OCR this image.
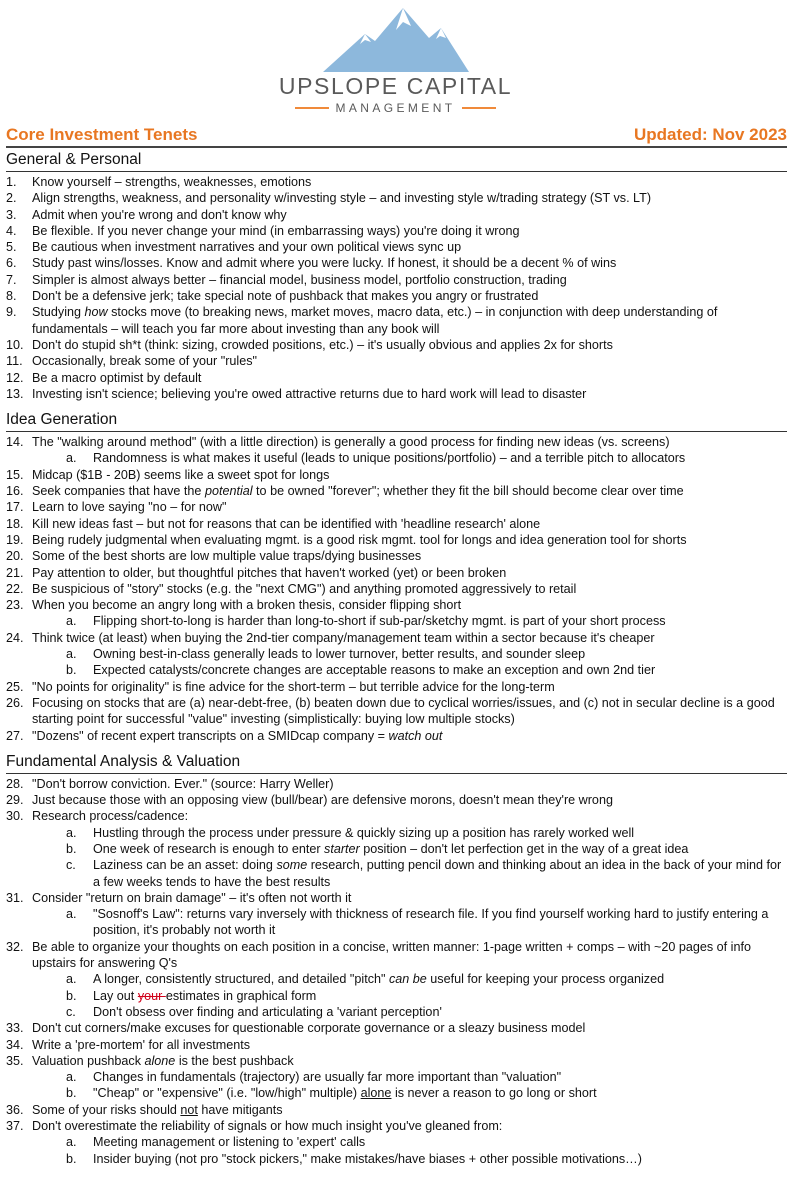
UPSLOPE CAPITAL
MANAGEMENT
Core Investment Tenets	Updated: Nov 2023
General & Personal
1.	Know yourself – strengths, weaknesses, emotions
2.	Align strengths, weakness, and personality w/investing style – and investing style w/trading strategy (ST vs. LT)
3.	Admit when you're wrong and don't know why
4.	Be flexible. If you never change your mind (in embarrassing ways) you're doing it wrong
5.	Be cautious when investment narratives and your own political views sync up
6.	Study past wins/losses. Know and admit where you were lucky. If honest, it should be a decent % of wins
7.	Simpler is almost always better – financial model, business model, portfolio construction, trading
8.	Don't be a defensive jerk; take special note of pushback that makes you angry or frustrated
9.	Studying how stocks move (to breaking news, market moves, macro data, etc.) – in conjunction with deep understanding of fundamentals – will teach you far more about investing than any book will
10. Don't do stupid sh*t (think: sizing, crowded positions, etc.) – it's usually obvious and applies 2x for shorts
11. Occasionally, break some of your "rules"
12. Be a macro optimist by default
13. Investing isn't science; believing you're owed attractive returns due to hard work will lead to disaster
Idea Generation
14. The "walking around method" (with a little direction) is generally a good process for finding new ideas (vs. screens)
a.	Randomness is what makes it useful (leads to unique positions/portfolio) – and a terrible pitch to allocators
15. Midcap ($1B - 20B) seems like a sweet spot for longs
16. Seek companies that have the potential to be owned "forever"; whether they fit the bill should become clear over time
17. Learn to love saying "no – for now"
18. Kill new ideas fast – but not for reasons that can be identified with 'headline research' alone
19. Being rudely judgmental when evaluating mgmt. is a good risk mgmt. tool for longs and idea generation tool for shorts
20. Some of the best shorts are low multiple value traps/dying businesses
21. Pay attention to older, but thoughtful pitches that haven't worked (yet) or been broken
22. Be suspicious of "story" stocks (e.g. the "next CMG") and anything promoted aggressively to retail
23. When you become an angry long with a broken thesis, consider flipping short
a.	Flipping short-to-long is harder than long-to-short if sub-par/sketchy mgmt. is part of your short process
24. Think twice (at least) when buying the 2nd-tier company/management team within a sector because it's cheaper
a.	Owning best-in-class generally leads to lower turnover, better results, and sounder sleep
b.	Expected catalysts/concrete changes are acceptable reasons to make an exception and own 2nd tier
25. "No points for originality" is fine advice for the short-term – but terrible advice for the long-term
26. Focusing on stocks that are (a) near-debt-free, (b) beaten down due to cyclical worries/issues, and (c) not in secular decline is a good starting point for successful "value" investing (simplistically: buying low multiple stocks)
27. "Dozens" of recent expert transcripts on a SMIDcap company = watch out
Fundamental Analysis & Valuation
28. "Don't borrow conviction. Ever." (source: Harry Weller)
29. Just because those with an opposing view (bull/bear) are defensive morons, doesn't mean they're wrong
30. Research process/cadence:
a.	Hustling through the process under pressure & quickly sizing up a position has rarely worked well
b.	One week of research is enough to enter starter position – don't let perfection get in the way of a great idea
c.	Laziness can be an asset: doing some research, putting pencil down and thinking about an idea in the back of your mind for a few weeks tends to have the best results
31. Consider "return on brain damage" – it's often not worth it
a.	"Sosnoff's Law": returns vary inversely with thickness of research file. If you find yourself working hard to justify entering a position, it's probably not worth it
32. Be able to organize your thoughts on each position in a concise, written manner: 1-page written + comps – with ~20 pages of info upstairs for answering Q's
a.	A longer, consistently structured, and detailed "pitch" can be useful for keeping your process organized
b.	Lay out your estimates in graphical form
c.	Don't obsess over finding and articulating a 'variant perception'
33. Don't cut corners/make excuses for questionable corporate governance or a sleazy business model
34. Write a 'pre-mortem' for all investments
35. Valuation pushback alone is the best pushback
a.	Changes in fundamentals (trajectory) are usually far more important than "valuation"
b.	"Cheap" or "expensive" (i.e. "low/high" multiple) alone is never a reason to go long or short
36. Some of your risks should not have mitigants
37. Don't overestimate the reliability of signals or how much insight you've gleaned from:
a.	Meeting management or listening to 'expert' calls
b.	Insider buying (not pro "stock pickers," make mistakes/have biases + other possible motivations…)
